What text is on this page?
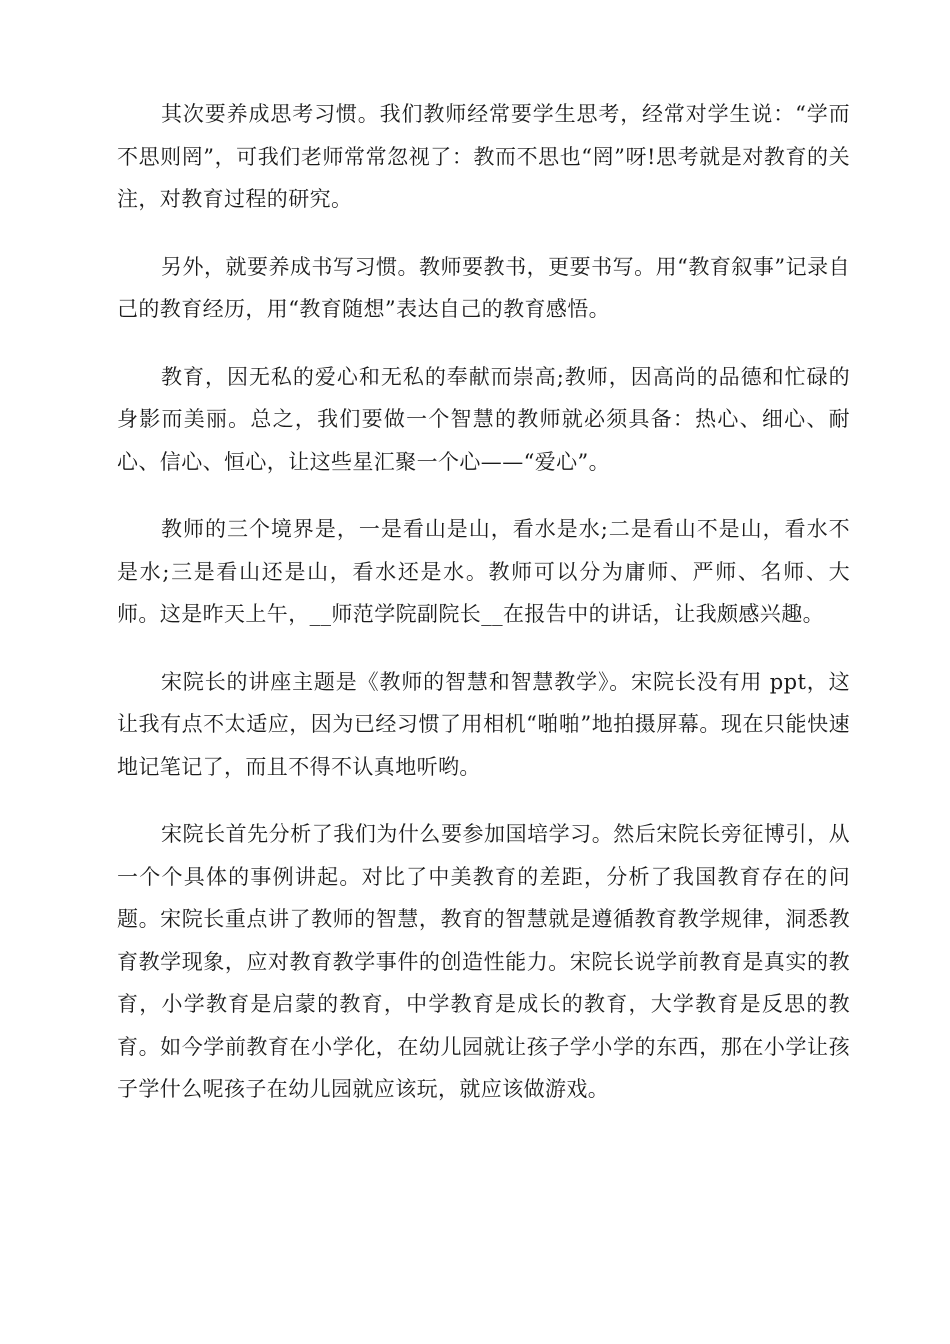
其次要养成思考习惯。我们教师经常要学生思考，经常对学生说：“学而不思则罔”，可我们老师常常忽视了：教而不思也“罔”呀!思考就是对教育的关注，对教育过程的研究。

另外，就要养成书写习惯。教师要教书，更要书写。用“教育叙事”记录自己的教育经历，用“教育随想”表达自己的教育感悟。

教育，因无私的爱心和无私的奉献而崇高;教师，因高尚的品德和忙碌的身影而美丽。总之，我们要做一个智慧的教师就必须具备：热心、细心、耐心、信心、恒心，让这些星汇聚一个心——“爱心”。

教师的三个境界是，一是看山是山，看水是水;二是看山不是山，看水不是水;三是看山还是山，看水还是水。教师可以分为庸师、严师、名师、大师。这是昨天上午，__师范学院副院长__在报告中的讲话，让我颇感兴趣。

宋院长的讲座主题是《教师的智慧和智慧教学》。宋院长没有用 ppt，这让我有点不太适应，因为已经习惯了用相机“啪啪”地拍摄屏幕。现在只能快速地记笔记了，而且不得不认真地听哟。

宋院长首先分析了我们为什么要参加国培学习。然后宋院长旁征博引，从一个个具体的事例讲起。对比了中美教育的差距，分析了我国教育存在的问题。宋院长重点讲了教师的智慧，教育的智慧就是遵循教育教学规律，洞悉教育教学现象，应对教育教学事件的创造性能力。宋院长说学前教育是真实的教育，小学教育是启蒙的教育，中学教育是成长的教育，大学教育是反思的教育。如今学前教育在小学化，在幼儿园就让孩子学小学的东西，那在小学让孩子学什么呢孩子在幼儿园就应该玩，就应该做游戏。
